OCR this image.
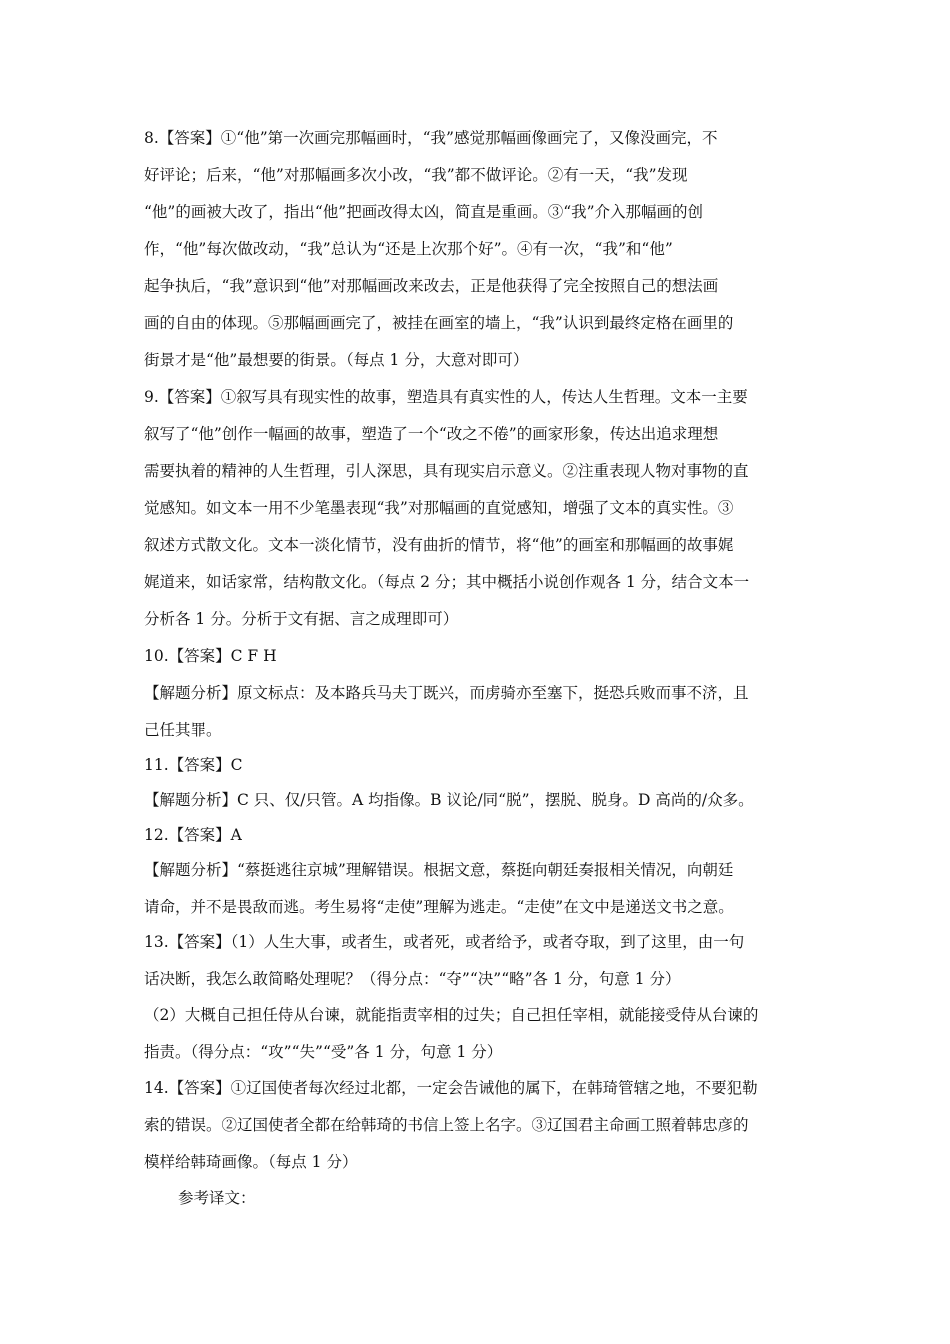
8.【答案】①“他”第一次画完那幅画时，“我”感觉那幅画像画完了，又像没画完，不
好评论；后来，“他”对那幅画多次小改，“我”都不做评论。②有一天，“我”发现
“他”的画被大改了，指出“他”把画改得太凶，简直是重画。③“我”介入那幅画的创
作，“他”每次做改动，“我”总认为“还是上次那个好”。④有一次，“我”和“他”
起争执后，“我”意识到“他”对那幅画改来改去，正是他获得了完全按照自己的想法画
画的自由的体现。⑤那幅画画完了，被挂在画室的墙上，“我”认识到最终定格在画里的
街景才是“他”最想要的街景。（每点 1 分，大意对即可）
9.【答案】①叙写具有现实性的故事，塑造具有真实性的人，传达人生哲理。文本一主要
叙写了“他”创作一幅画的故事，塑造了一个“改之不倦”的画家形象，传达出追求理想
需要执着的精神的人生哲理，引人深思，具有现实启示意义。②注重表现人物对事物的直
觉感知。如文本一用不少笔墨表现“我”对那幅画的直觉感知，增强了文本的真实性。③
叙述方式散文化。文本一淡化情节，没有曲折的情节，将“他”的画室和那幅画的故事娓
娓道来，如话家常，结构散文化。（每点 2 分；其中概括小说创作观各 1 分，结合文本一
分析各 1 分。分析于文有据、言之成理即可）
10.【答案】C F H
【解题分析】原文标点：及本路兵马夫丁既兴，而虏骑亦至塞下，挺恐兵败而事不济，且
己任其罪。
11.【答案】C
【解题分析】C 只、仅/只管。A 均指像。B 议论/同“脱”，摆脱、脱身。D 高尚的/众多。
12.【答案】A
【解题分析】“蔡挺逃往京城”理解错误。根据文意，蔡挺向朝廷奏报相关情况，向朝廷
请命，并不是畏敌而逃。考生易将“走使”理解为逃走。“走使”在文中是递送文书之意。
13.【答案】（1）人生大事，或者生，或者死，或者给予，或者夺取，到了这里，由一句
话决断，我怎么敢简略处理呢？（得分点：“夺”“决”“略”各 1 分，句意 1 分）
（2）大概自己担任侍从台谏，就能指责宰相的过失；自己担任宰相，就能接受侍从台谏的
指责。（得分点：“攻”“失”“受”各 1 分，句意 1 分）
14.【答案】①辽国使者每次经过北都，一定会告诫他的属下，在韩琦管辖之地，不要犯勒
索的错误。②辽国使者全都在给韩琦的书信上签上名字。③辽国君主命画工照着韩忠彦的
模样给韩琦画像。（每点 1 分）
参考译文：
